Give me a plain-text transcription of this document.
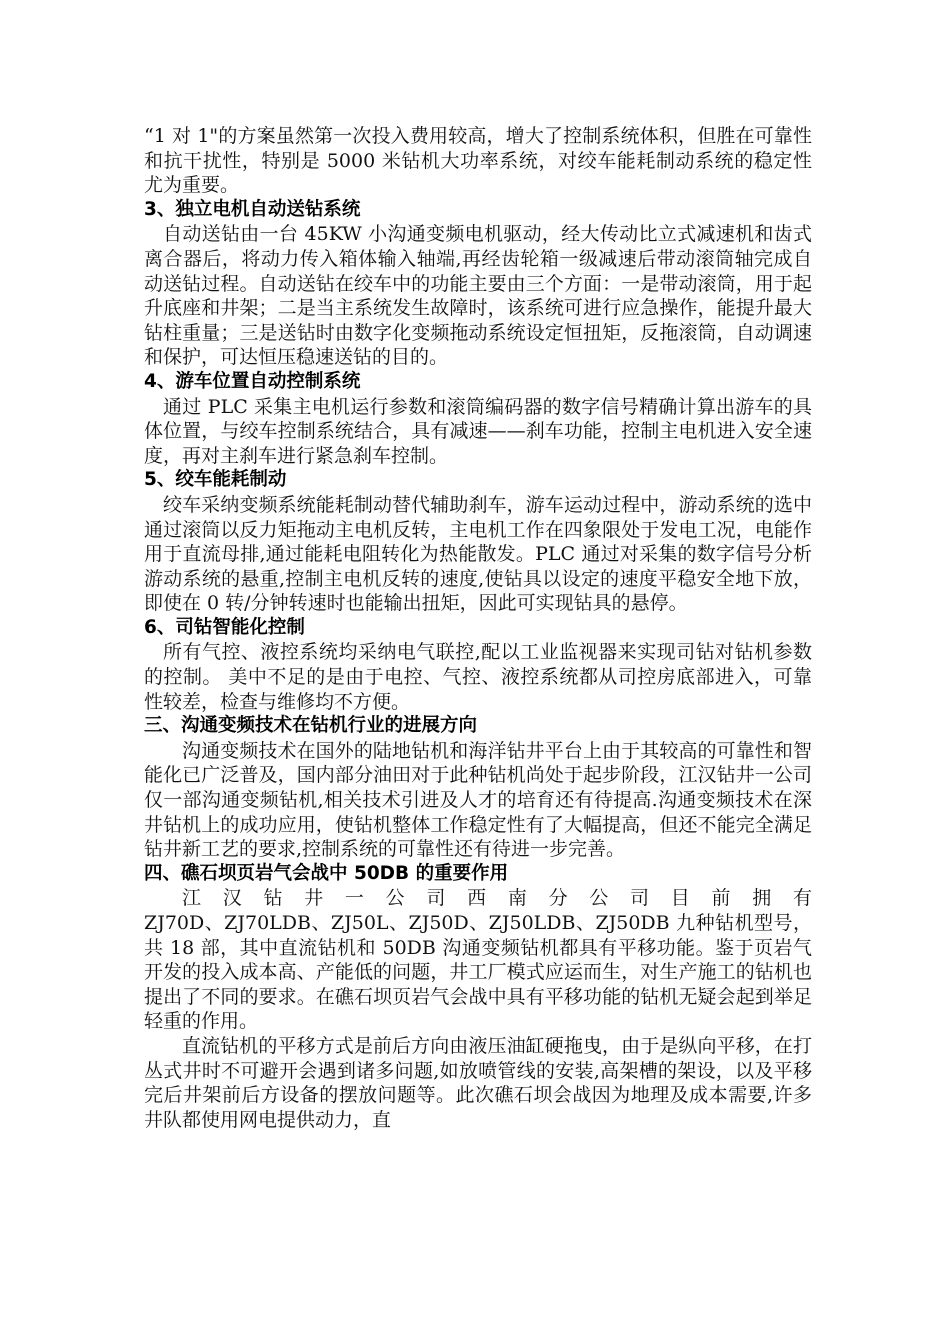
“1 对 1"的方案虽然第一次投入费用较高，增大了控制系统体积，但胜在可靠性和抗干扰性，特别是 5000 米钻机大功率系统，对绞车能耗制动系统的稳定性尤为重要。

3、独立电机自动送钻系统

自动送钻由一台 45KW 小沟通变频电机驱动，经大传动比立式减速机和齿式离合器后，将动力传入箱体输入轴端,再经齿轮箱一级减速后带动滚筒轴完成自动送钻过程。自动送钻在绞车中的功能主要由三个方面：一是带动滚筒，用于起升底座和井架；二是当主系统发生故障时，该系统可进行应急操作，能提升最大钻柱重量；三是送钻时由数字化变频拖动系统设定恒扭矩，反拖滚筒，自动调速和保护，可达恒压稳速送钻的目的。

4、游车位置自动控制系统

通过 PLC 采集主电机运行参数和滚筒编码器的数字信号精确计算出游车的具体位置，与绞车控制系统结合，具有减速——刹车功能，控制主电机进入安全速度，再对主刹车进行紧急刹车控制。

5、绞车能耗制动

绞车采纳变频系统能耗制动替代辅助刹车，游车运动过程中，游动系统的选中通过滚筒以反力矩拖动主电机反转，主电机工作在四象限处于发电工况，电能作用于直流母排,通过能耗电阻转化为热能散发。PLC 通过对采集的数字信号分析游动系统的悬重,控制主电机反转的速度,使钻具以设定的速度平稳安全地下放，即使在 0 转/分钟转速时也能输出扭矩，因此可实现钻具的悬停。

6、司钻智能化控制

所有气控、液控系统均采纳电气联控,配以工业监视器来实现司钻对钻机参数的控制。 美中不足的是由于电控、气控、液控系统都从司控房底部进入，可靠性较差，检查与维修均不方便。

三、沟通变频技术在钻机行业的进展方向

沟通变频技术在国外的陆地钻机和海洋钻井平台上由于其较高的可靠性和智能化已广泛普及，国内部分油田对于此种钻机尚处于起步阶段，江汉钻井一公司仅一部沟通变频钻机,相关技术引进及人才的培育还有待提高.沟通变频技术在深井钻机上的成功应用，使钻机整体工作稳定性有了大幅提高，但还不能完全满足钻井新工艺的要求,控制系统的可靠性还有待进一步完善。

四、礁石坝页岩气会战中 50DB 的重要作用

江汉钻井一公司西南分公司目前拥有

ZJ70D、ZJ70LDB、ZJ50L、ZJ50D、ZJ50LDB、ZJ50DB 九种钻机型号，共 18 部，其中直流钻机和 50DB 沟通变频钻机都具有平移功能。鉴于页岩气开发的投入成本高、产能低的问题，井工厂模式应运而生，对生产施工的钻机也提出了不同的要求。在礁石坝页岩气会战中具有平移功能的钻机无疑会起到举足轻重的作用。

直流钻机的平移方式是前后方向由液压油缸硬拖曳，由于是纵向平移，在打丛式井时不可避开会遇到诸多问题,如放喷管线的安装,高架槽的架设，以及平移完后井架前后方设备的摆放问题等。此次礁石坝会战因为地理及成本需要,许多井队都使用网电提供动力，直
